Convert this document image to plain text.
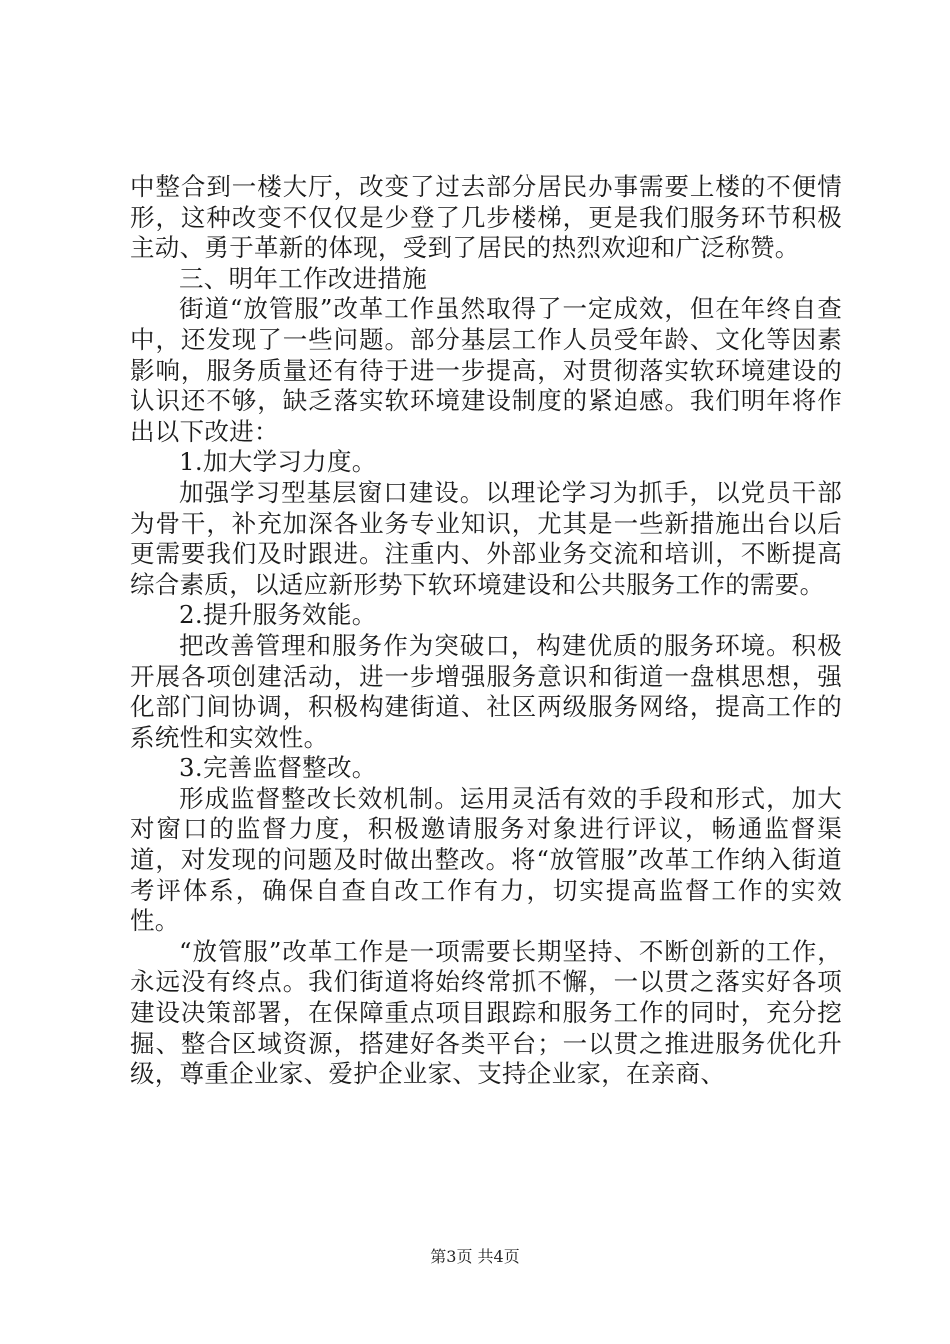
中整合到一楼大厅，改变了过去部分居民办事需要上楼的不便情形，这种改变不仅仅是少登了几步楼梯，更是我们服务环节积极主动、勇于革新的体现，受到了居民的热烈欢迎和广泛称赞。

三、明年工作改进措施

街道“放管服”改革工作虽然取得了一定成效，但在年终自查中，还发现了一些问题。部分基层工作人员受年龄、文化等因素影响，服务质量还有待于进一步提高，对贯彻落实软环境建设的认识还不够，缺乏落实软环境建设制度的紧迫感。我们明年将作出以下改进：

1.加大学习力度。

加强学习型基层窗口建设。以理论学习为抓手，以党员干部为骨干，补充加深各业务专业知识，尤其是一些新措施出台以后更需要我们及时跟进。注重内、外部业务交流和培训，不断提高综合素质，以适应新形势下软环境建设和公共服务工作的需要。

2.提升服务效能。

把改善管理和服务作为突破口，构建优质的服务环境。积极开展各项创建活动，进一步增强服务意识和街道一盘棋思想，强化部门间协调，积极构建街道、社区两级服务网络，提高工作的系统性和实效性。

3.完善监督整改。

形成监督整改长效机制。运用灵活有效的手段和形式，加大对窗口的监督力度，积极邀请服务对象进行评议，畅通监督渠道，对发现的问题及时做出整改。将“放管服”改革工作纳入街道考评体系，确保自查自改工作有力，切实提高监督工作的实效性。

“放管服”改革工作是一项需要长期坚持、不断创新的工作，永远没有终点。我们街道将始终常抓不懈，一以贯之落实好各项建设决策部署，在保障重点项目跟踪和服务工作的同时，充分挖掘、整合区域资源，搭建好各类平台；一以贯之推进服务优化升级，尊重企业家、爱护企业家、支持企业家，在亲商、

第3页 共4页
